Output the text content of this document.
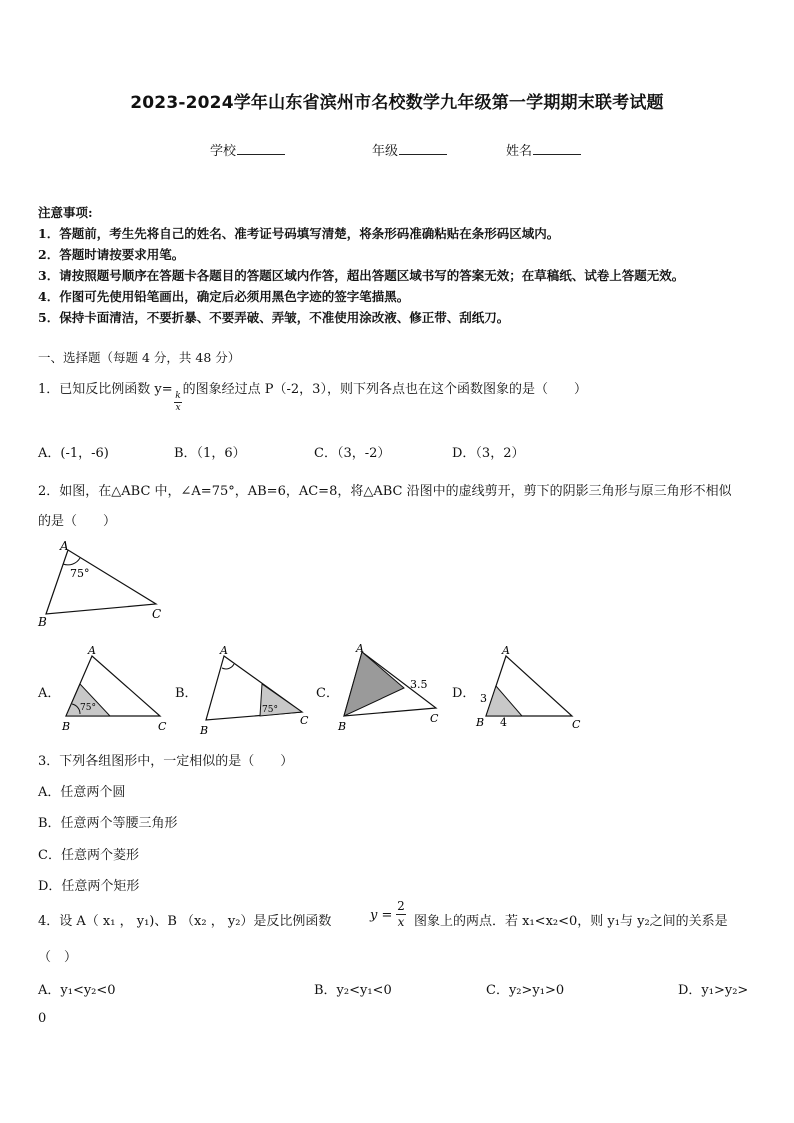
2023-2024学年山东省滨州市名校数学九年级第一学期期末联考试题
学校	年级	姓名
注意事项:
1．答题前，考生先将自己的姓名、准考证号码填写清楚，将条形码准确粘贴在条形码区域内。
2．答题时请按要求用笔。
3．请按照题号顺序在答题卡各题目的答题区域内作答，超出答题区域书写的答案无效；在草稿纸、试卷上答题无效。
4．作图可先使用铅笔画出，确定后必须用黑色字迹的签字笔描黑。
5．保持卡面清洁，不要折暴、不要弄破、弄皱，不准使用涂改液、修正带、刮纸刀。
一、选择题（每题 4 分，共 48 分）
1．已知反比例函数 y= 的图象经过点 P（-2，3），则下列各点也在这个函数图象的是（　　）
$\frac{k}{x}$
A．(-1，-6)	B．（1，6）	C．（3，-2）	D．（3，2）
2．如图，在△ABC 中，∠A=75°，AB=6，AC=8，将△ABC 沿图中的虚线剪开，剪下的阴影三角形与原三角形不相似
的是（　　）
A
B
C
75°
A．
A
B	C
75°
B．
A
B
C
75°
C．
A
B
C
3.5
D．
A
B	C
3
4
3．下列各组图形中，一定相似的是（　　）
A．任意两个圆
B．任意两个等腰三角形
C．任意两个菱形
D．任意两个矩形
4．设 A（ x₁ ， y₁)、B （x₂ ， y₂）是反比例函数	$y = \frac{2}{x}$ 图象上的两点．若 x₁<x₂<0，则 y₁与 y₂之间的关系是
（　）
A．y₁<y₂<0	B．y₂<y₁<0	C．y₂>y₁>0	D．y₁>y₂>
0
